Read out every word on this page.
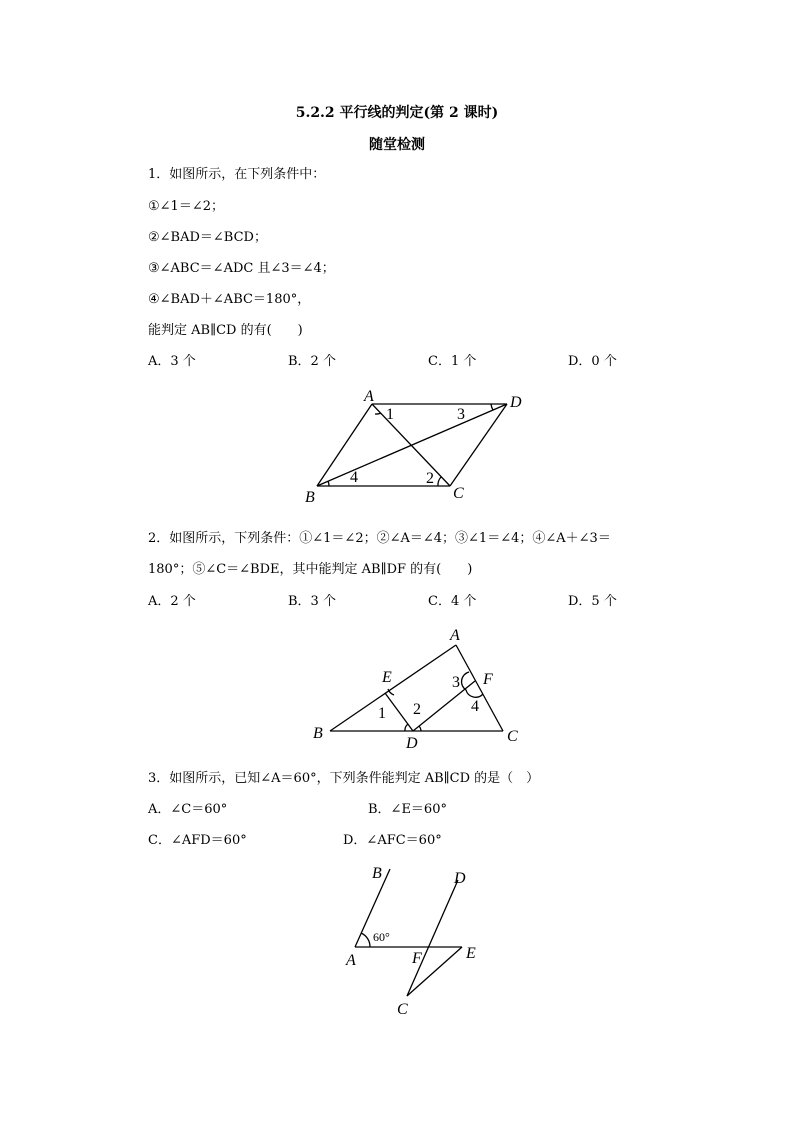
5.2.2 平行线的判定(第 2 课时)
随堂检测
1．如图所示，在下列条件中：
①∠1＝∠2；
②∠BAD＝∠BCD；
③∠ABC＝∠ADC 且∠3＝∠4；
④∠BAD＋∠ABC＝180°，
能判定 AB∥CD 的有(　　)
A．3 个	B．2 个	C．1 个	D．0 个
A
B	C
D
1
2
3
4
2．如图所示，下列条件：①∠1＝∠2；②∠A＝∠4；③∠1＝∠4；④∠A＋∠3＝
180°；⑤∠C＝∠BDE，其中能判定 AB∥DF 的有(　　)
A．2 个	B．3 个	C．4 个	D．5 个
A
B	C
D
E	F
1 2
3
4
3．如图所示，已知∠A＝60°，下列条件能判定 AB∥CD 的是（　）
A．∠C＝60°	B．∠E＝60°
C．∠AFD＝60°	D．∠AFC＝60°
A
B
C
D
E
F
60°
